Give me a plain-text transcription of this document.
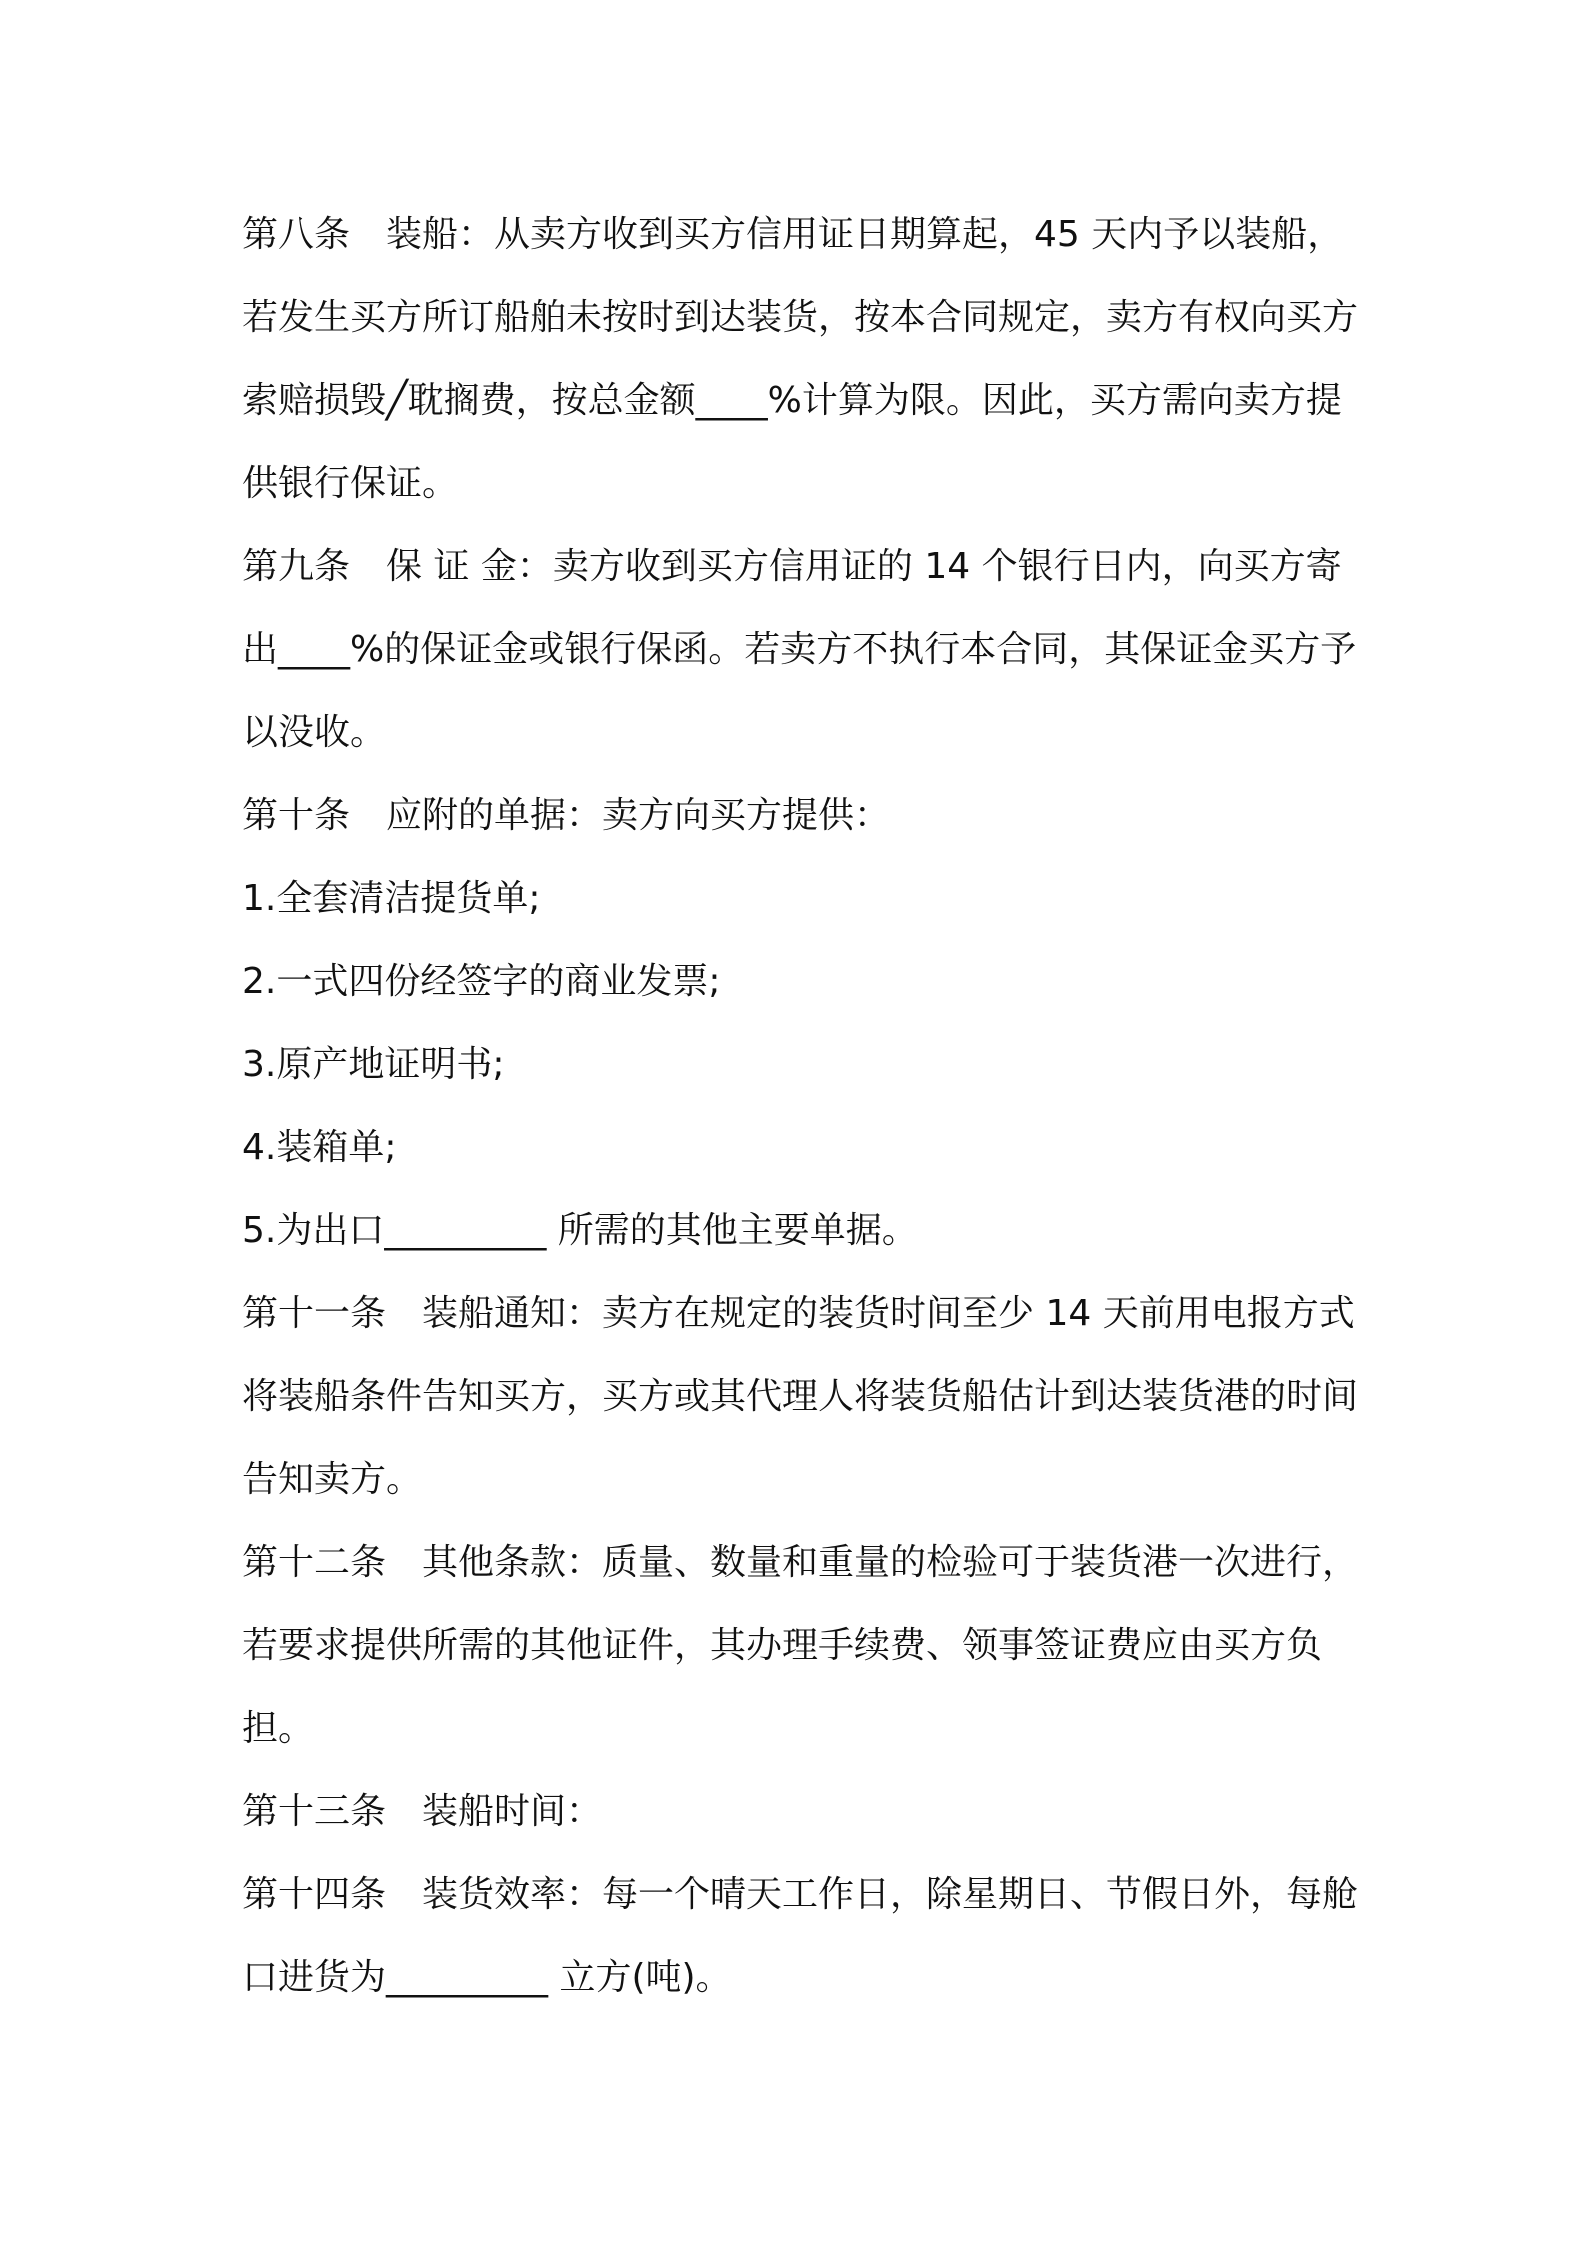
第八条 装船：从卖方收到买方信用证日期算起，45 天内予以装船，若发生买方所订船舶未按时到达装货，按本合同规定，卖方有权向买方索赔损毁╱耽搁费，按总金额____%计算为限。因此，买方需向卖方提供银行保证。

第九条 保 证 金：卖方收到买方信用证的 14 个银行日内，向买方寄出____%的保证金或银行保函。若卖方不执行本合同，其保证金买方予以没收。

第十条 应附的单据：卖方向买方提供：

1.全套清洁提货单;

2.一式四份经签字的商业发票;

3.原产地证明书;

4.装箱单;

5.为出口_________ 所需的其他主要单据。

第十一条 装船通知：卖方在规定的装货时间至少 14 天前用电报方式将装船条件告知买方，买方或其代理人将装货船估计到达装货港的时间告知卖方。

第十二条 其他条款：质量、数量和重量的检验可于装货港一次进行，若要求提供所需的其他证件，其办理手续费、领事签证费应由买方负担。

第十三条 装船时间：

第十四条 装货效率：每一个晴天工作日，除星期日、节假日外，每舱口进货为_________ 立方(吨)。
